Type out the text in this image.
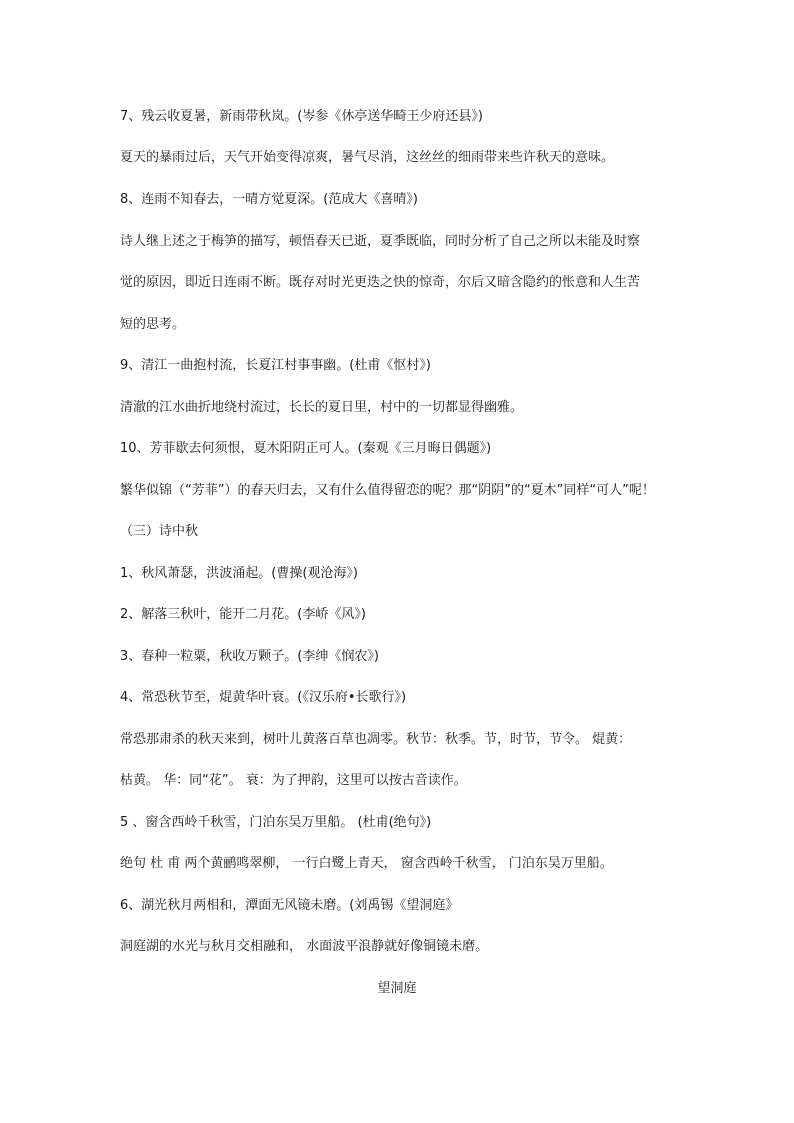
7、残云收夏暑，新雨带秋岚。(岑参《休亭送华畸王少府还县》)
夏天的暴雨过后，天气开始变得凉爽，暑气尽消，这丝丝的细雨带来些许秋天的意味。
8、连雨不知春去，一晴方觉夏深。(范成大《喜晴》)
诗人继上述之于梅笋的描写，顿悟春天已逝，夏季既临，同时分析了自己之所以未能及时察
觉的原因，即近日连雨不断。既存对时光更迭之快的惊奇，尔后又暗含隐约的怅意和人生苦
短的思考。
9、清江一曲抱村流，长夏江村事事幽。(杜甫《怄村》)
清澈的江水曲折地绕村流过，长长的夏日里，村中的一切都显得幽雅。
10、芳菲歇去何须恨，夏木阳阴正可人。(秦观《三月晦日偶题》)
繁华似锦（“芳菲”）的春天归去，又有什么值得留恋的呢？那“阴阴”的“夏木”同样“可人”呢！
（三）诗中秋
1、秋风萧瑟，洪波涌起。(曹操(观沧海》)
2、解落三秋叶，能开二月花。(李峤《风》)
3、春种一粒粟，秋收万颗子。(李绅《悯农》)
4、常恐秋节至，焜黄华叶衰。(《汉乐府•长歌行》)
常恐那肃杀的秋天来到，树叶儿黄落百草也凋零。秋节：秋季。节，时节，节令。 焜黄：
枯黄。 华：同“花”。 衰：为了押韵，这里可以按古音读作。
5 、窗含西岭千秋雪，门泊东吴万里船。 (杜甫(绝句》)
绝句 杜 甫 两个黄鹂鸣翠柳， 一行白鹭上青天， 窗含西岭千秋雪， 门泊东吴万里船。
6、湖光秋月两相和，潭面无风镜未磨。(刘禹锡《望洞庭》
洞庭湖的水光与秋月交相融和， 水面波平浪静就好像铜镜未磨。
望洞庭
